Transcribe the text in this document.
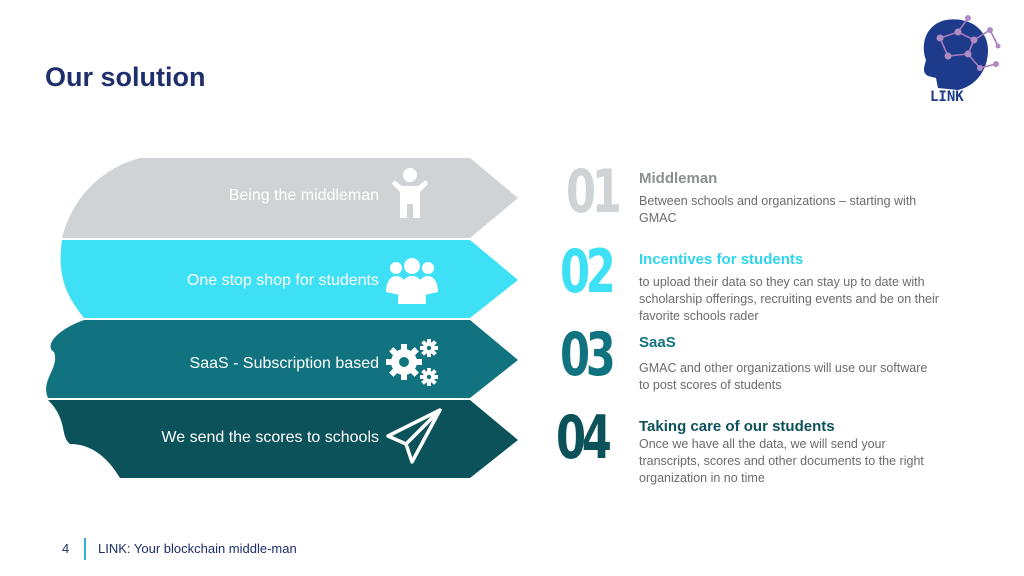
Our solution
LINK
Being the middleman
One stop shop for students
SaaS - Subscription based
We send the scores to schools
01
02
03
04
Middleman

Between schools and organizations – starting with GMAC

Incentives for students

to upload their data so they can stay up to date with scholarship offerings, recruiting events and be on their favorite schools rader

SaaS

GMAC and other organizations will use our software to post scores of students

Taking care of our students

Once we have all the data, we will send your transcripts, scores and other documents to the right organization in no time

4 LINK: Your blockchain middle-man
